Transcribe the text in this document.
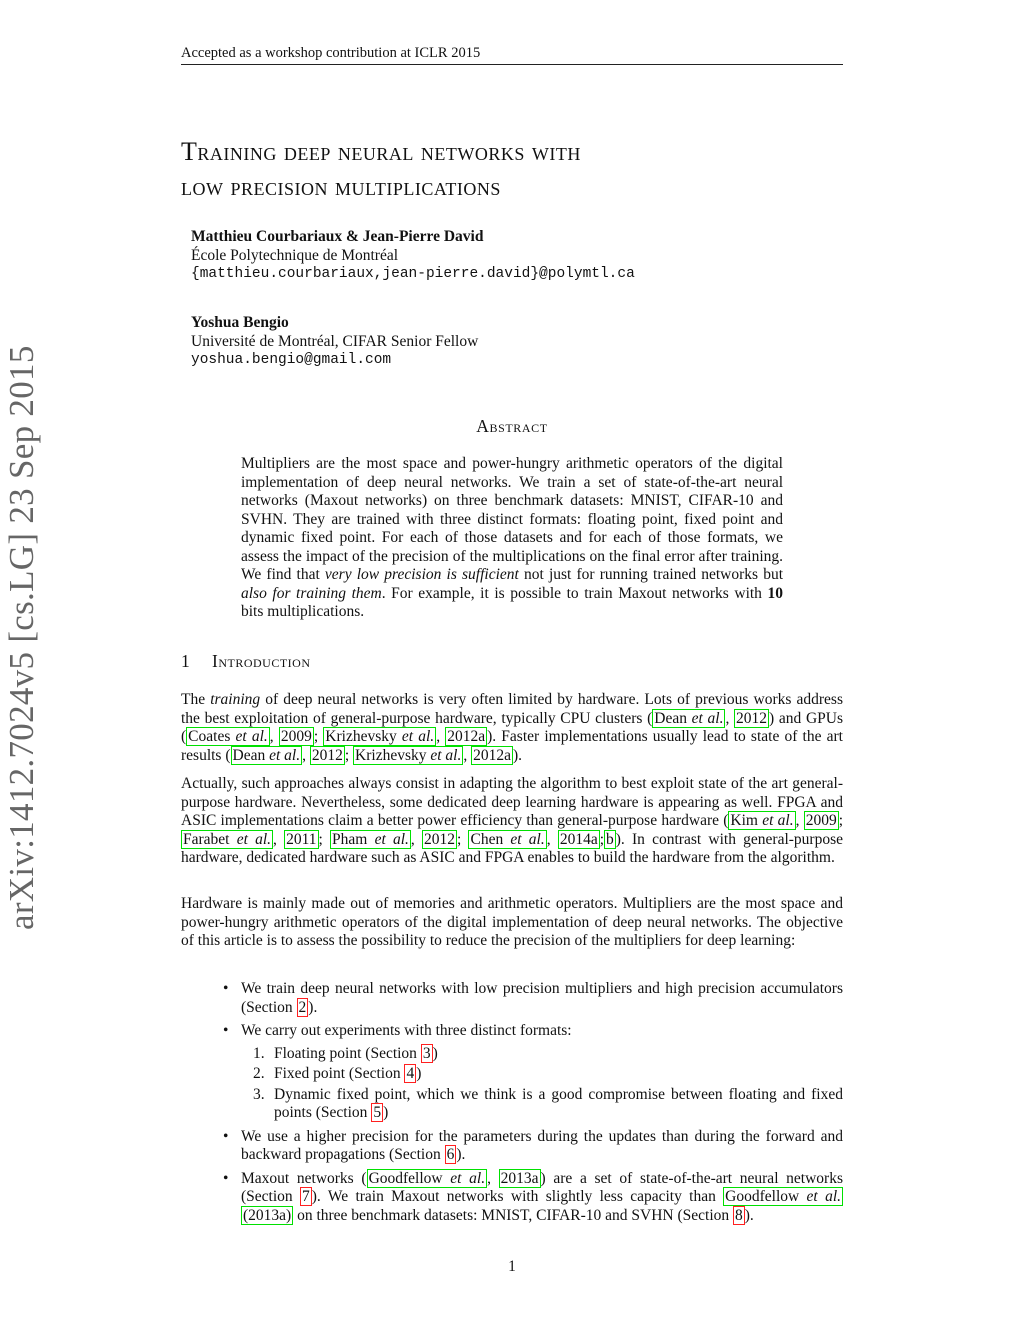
Accepted as a workshop contribution at ICLR 2015
arXiv:1412.7024v5 [cs.LG] 23 Sep 2015
Training deep neural networks with
low precision multiplications
Matthieu Courbariaux & Jean-Pierre David
École Polytechnique de Montréal
{matthieu.courbariaux,jean-pierre.david}@polymtl.ca
Yoshua Bengio
Université de Montréal, CIFAR Senior Fellow
yoshua.bengio@gmail.com
Abstract
Multipliers are the most space and power-hungry arithmetic operators of the digital implementation of deep neural networks. We train a set of state-of-the-art neural networks (Maxout networks) on three benchmark datasets: MNIST, CIFAR-10 and SVHN. They are trained with three distinct formats: floating point, fixed point and dynamic fixed point. For each of those datasets and for each of those formats, we assess the impact of the precision of the multiplications on the final error after training. We find that very low precision is sufficient not just for running trained networks but also for training them. For example, it is possible to train Maxout networks with 10 bits multiplications.
1 Introduction
The training of deep neural networks is very often limited by hardware. Lots of previous works address the best exploitation of general-purpose hardware, typically CPU clusters ( Dean et al. , 2012 ) and GPUs ( Coates et al. , 2009 ; Krizhevsky et al. , 2012a ). Faster implementations usually lead to state of the art results ( Dean et al. , 2012 ; Krizhevsky et al. , 2012a ).
Actually, such approaches always consist in adapting the algorithm to best exploit state of the art general-purpose hardware. Nevertheless, some dedicated deep learning hardware is appearing as well. FPGA and ASIC implementations claim a better power efficiency than general-purpose hardware ( Kim et al. , 2009 ; Farabet et al. , 2011 ; Pham et al. , 2012 ; Chen et al. , 2014a ; b ). In contrast with general-purpose hardware, dedicated hardware such as ASIC and FPGA enables to build the hardware from the algorithm.
Hardware is mainly made out of memories and arithmetic operators. Multipliers are the most space and power-hungry arithmetic operators of the digital implementation of deep neural networks. The objective of this article is to assess the possibility to reduce the precision of the multipliers for deep learning:
• We train deep neural networks with low precision multipliers and high precision accumulators (Section 2 ).
• We carry out experiments with three distinct formats:
1. Floating point (Section 3 )
2. Fixed point (Section 4 )
3. Dynamic fixed point, which we think is a good compromise between floating and fixed points (Section 5 )
• We use a higher precision for the parameters during the updates than during the forward and backward propagations (Section 6 ).
• Maxout networks ( Goodfellow et al. , 2013a ) are a set of state-of-the-art neural networks (Section 7 ). We train Maxout networks with slightly less capacity than Goodfellow et al. (2013a) on three benchmark datasets: MNIST, CIFAR-10 and SVHN (Section 8 ).
1
